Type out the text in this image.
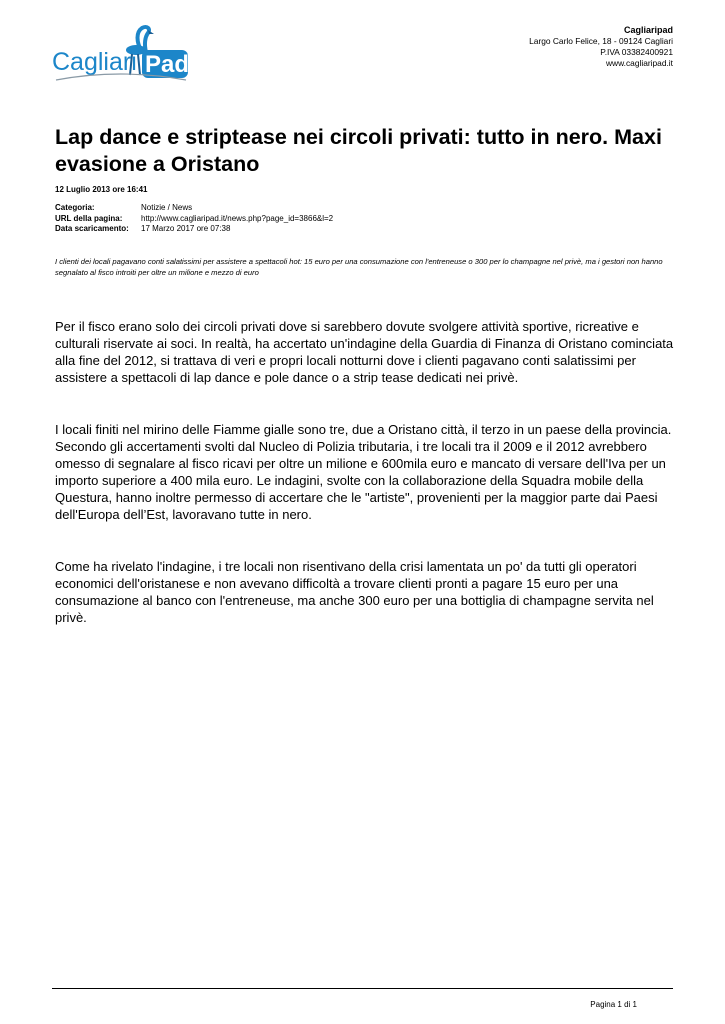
Cagliari Pad
Cagliaripad
Largo Carlo Felice, 18 - 09124 Cagliari
P.IVA 03382400921
www.cagliaripad.it
Lap dance e striptease nei circoli privati: tutto in nero. Maxi evasione a Oristano
12 Luglio 2013 ore 16:41
Categoria:	Notizie / News
URL della pagina:	http://www.cagliaripad.it/news.php?page_id=3866&l=2
Data scaricamento:	17 Marzo 2017 ore 07:38

I clienti dei locali pagavano conti salatissimi per assistere a spettacoli hot: 15 euro per una consumazione con l'entreneuse o 300 per lo champagne nel privè, ma i gestori non hanno segnalato al fisco introiti per oltre un milione e mezzo di euro

Per il fisco erano solo dei circoli privati dove si sarebbero dovute svolgere attività sportive, ricreative e culturali riservate ai soci. In realtà, ha accertato un'indagine della Guardia di Finanza di Oristano cominciata alla fine del 2012, si trattava di veri e propri locali notturni dove i clienti pagavano conti salatissimi per assistere a spettacoli di lap dance e pole dance o a strip tease dedicati nei privè.

I locali finiti nel mirino delle Fiamme gialle sono tre, due a Oristano città, il terzo in un paese della provincia. Secondo gli accertamenti svolti dal Nucleo di Polizia tributaria, i tre locali tra il 2009 e il 2012 avrebbero omesso di segnalare al fisco ricavi per oltre un milione e 600mila euro e mancato di versare dell'Iva per un importo superiore a 400 mila euro. Le indagini, svolte con la collaborazione della Squadra mobile della Questura, hanno inoltre permesso di accertare che le "artiste", provenienti per la maggior parte dai Paesi dell'Europa dell’Est, lavoravano tutte in nero.

Come ha rivelato l'indagine, i tre locali non risentivano della crisi lamentata un po' da tutti gli operatori economici dell'oristanese e non avevano difficoltà a trovare clienti pronti a pagare 15 euro per una consumazione al banco con l'entreneuse, ma anche 300 euro per una bottiglia di champagne servita nel privè.

Pagina 1 di 1
